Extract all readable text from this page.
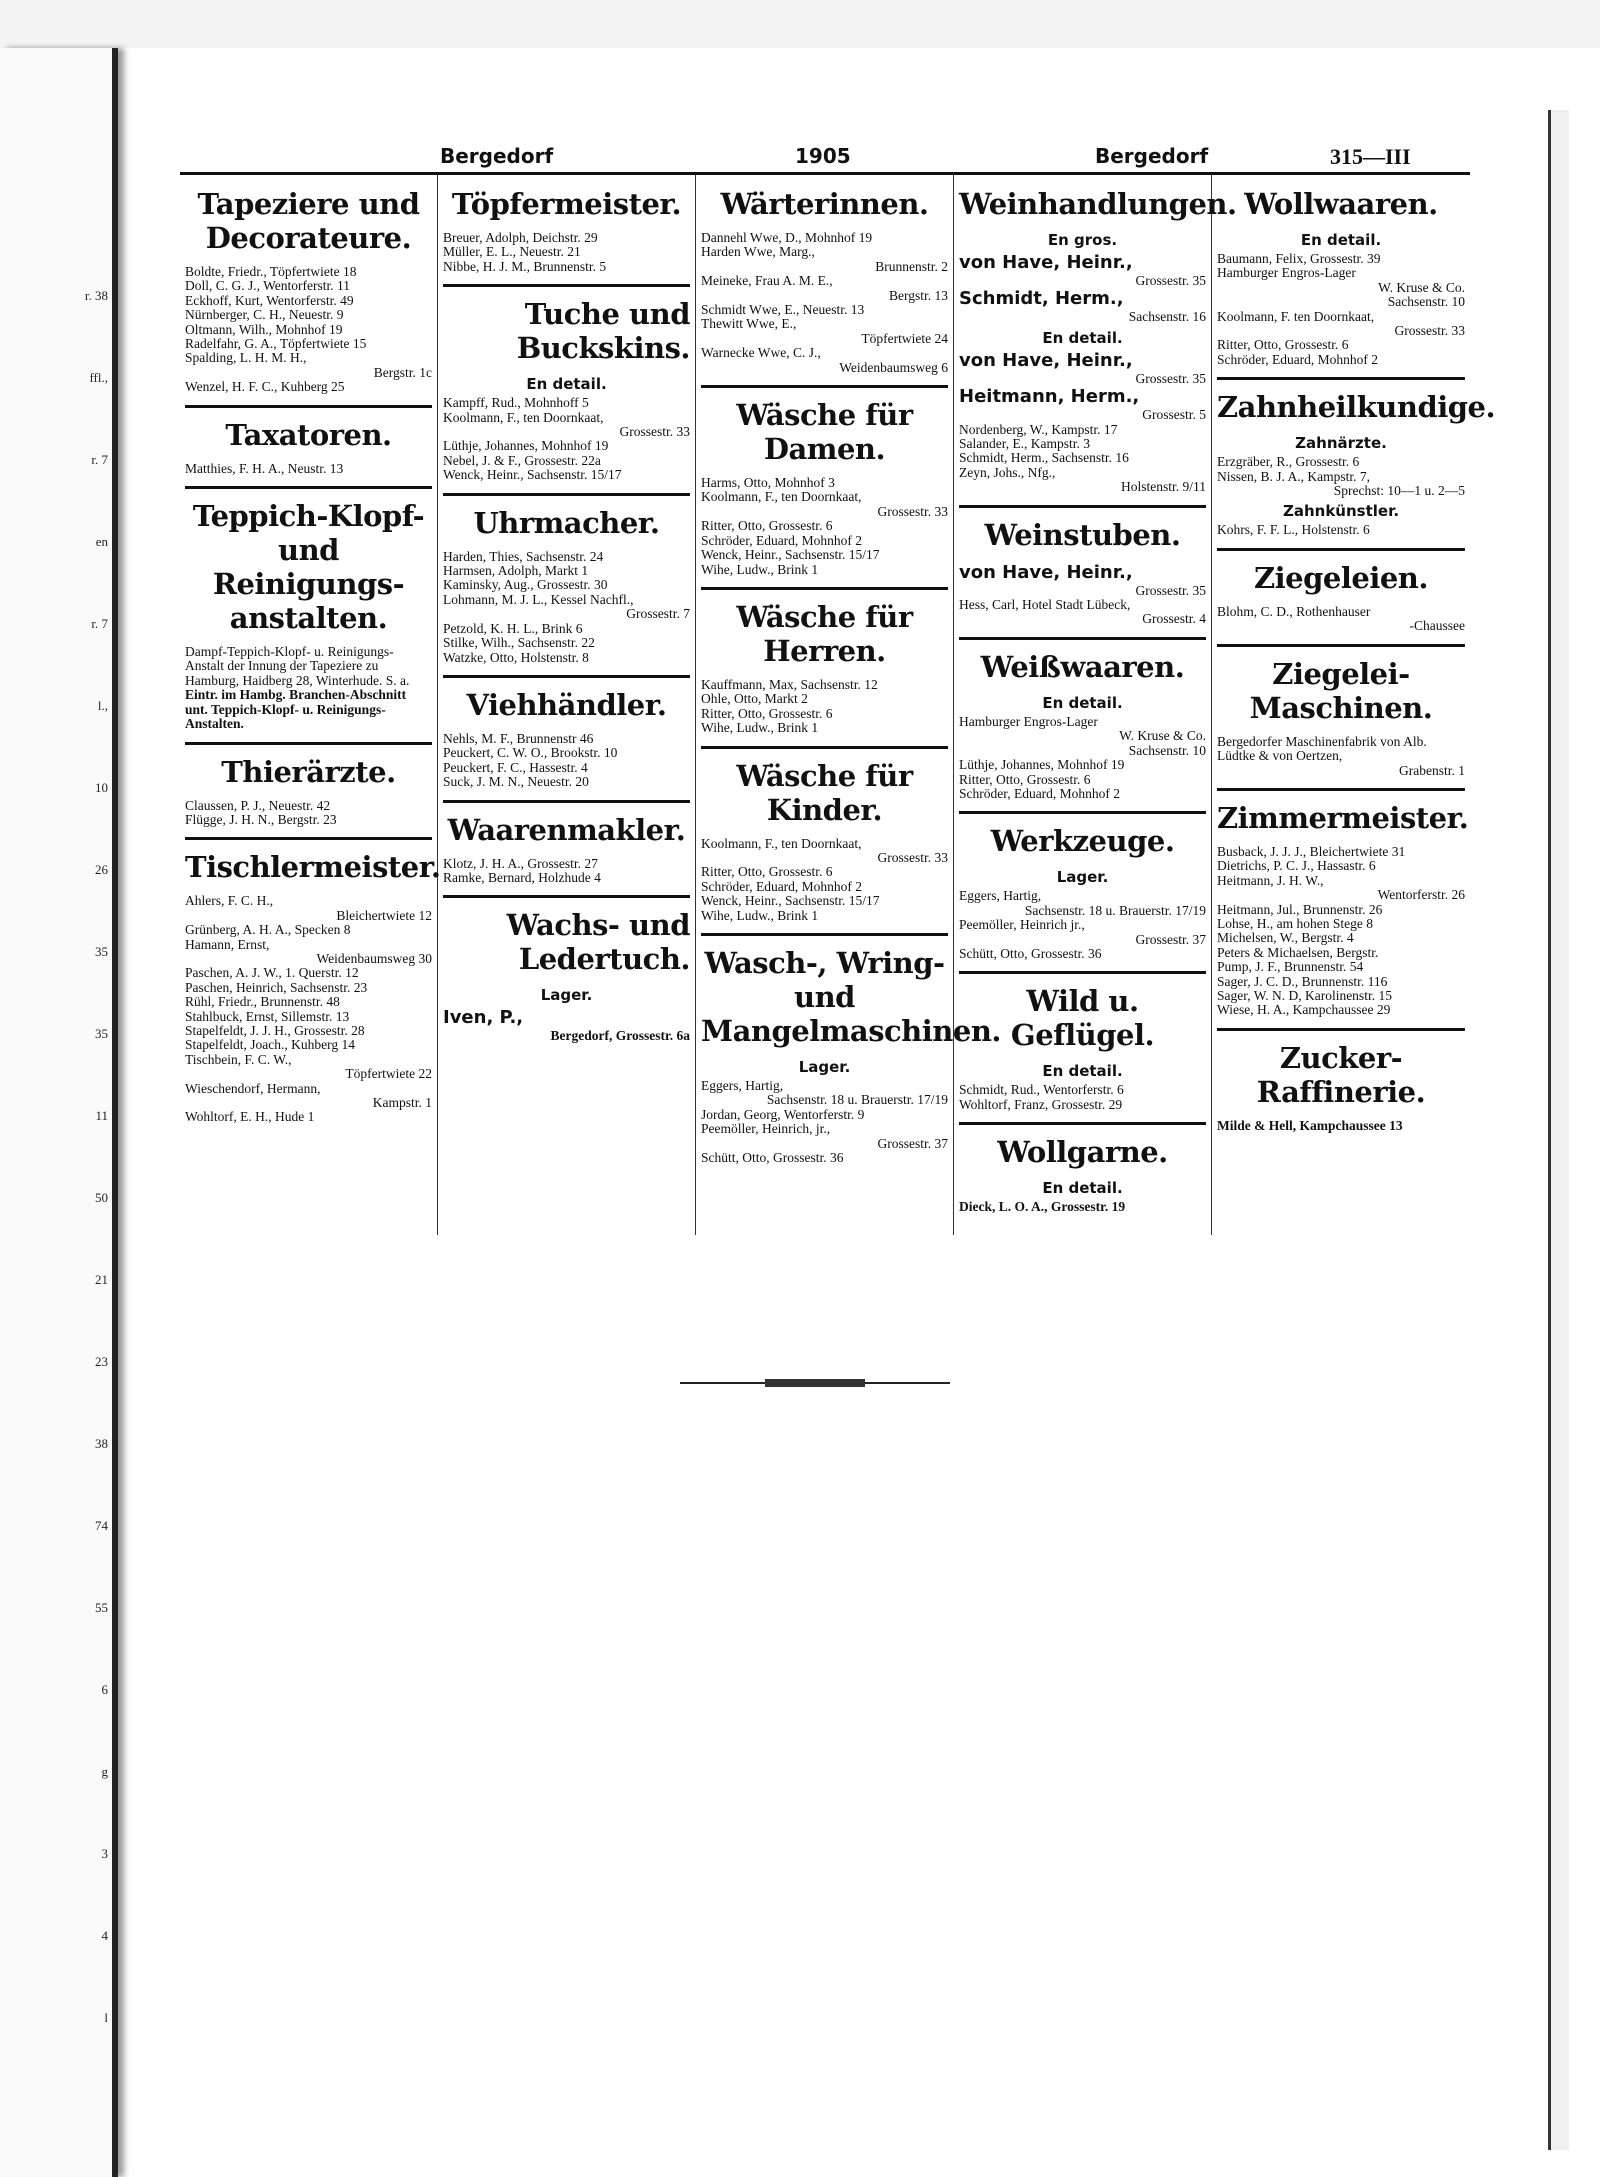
r. 38
ffl.,
r. 7
en
r. 7
l.,
10
26
35
35
11
50
21
23
38
74
55
6
g
3
4
l
Bergedorf	1905	Bergedorf	315—III
Tapeziere und Decorateure.
Boldte, Friedr., Töpfertwiete 18
Doll, C. G. J., Wentorferstr. 11
Eckhoff, Kurt, Wentorferstr. 49
Nürnberger, C. H., Neuestr. 9
Oltmann, Wilh., Mohnhof 19
Radelfahr, G. A., Töpfertwiete 15
Spalding, L. H. M. H.,
Bergstr. 1c
Wenzel, H. F. C., Kuhberg 25
Taxatoren.
Matthies, F. H. A., Neustr. 13
Teppich-Klopf- und Reinigungs-anstalten.
Dampf-Teppich-Klopf- u. Reinigungs-Anstalt der Innung der Tapeziere zu Hamburg, Haidberg 28, Winterhude. S. a.
Eintr. im Hambg. Branchen-Abschnitt unt. Teppich-Klopf- u. Reinigungs-Anstalten.
Thierärzte.
Claussen, P. J., Neuestr. 42
Flügge, J. H. N., Bergstr. 23
Tischlermeister.
Ahlers, F. C. H.,
Bleichertwiete 12
Grünberg, A. H. A., Specken 8
Hamann, Ernst,
Weidenbaumsweg 30
Paschen, A. J. W., 1. Querstr. 12
Paschen, Heinrich, Sachsenstr. 23
Rühl, Friedr., Brunnenstr. 48
Stahlbuck, Ernst, Sillemstr. 13
Stapelfeldt, J. J. H., Grossestr. 28
Stapelfeldt, Joach., Kuhberg 14
Tischbein, F. C. W.,
Töpfertwiete 22
Wieschendorf, Hermann,
Kampstr. 1
Wohltorf, E. H., Hude 1
Töpfermeister.
Breuer, Adolph, Deichstr. 29
Müller, E. L., Neuestr. 21
Nibbe, H. J. M., Brunnenstr. 5
Tuche und Buckskins.
En detail.
Kampff, Rud., Mohnhoff 5
Koolmann, F., ten Doornkaat,
Grossestr. 33
Lüthje, Johannes, Mohnhof 19
Nebel, J. & F., Grossestr. 22a
Wenck, Heinr., Sachsenstr. 15/17
Uhrmacher.
Harden, Thies, Sachsenstr. 24
Harmsen, Adolph, Markt 1
Kaminsky, Aug., Grossestr. 30
Lohmann, M. J. L., Kessel Nachfl.,
Grossestr. 7
Petzold, K. H. L., Brink 6
Stilke, Wilh., Sachsenstr. 22
Watzke, Otto, Holstenstr. 8
Viehhändler.
Nehls, M. F., Brunnenstr 46
Peuckert, C. W. O., Brookstr. 10
Peuckert, F. C., Hassestr. 4
Suck, J. M. N., Neuestr. 20
Waarenmakler.
Klotz, J. H. A., Grossestr. 27
Ramke, Bernard, Holzhude 4
Wachs- und Ledertuch.
Lager.
Iven, P.,
Bergedorf, Grossestr. 6a
Wärterinnen.
Dannehl Wwe, D., Mohnhof 19
Harden Wwe, Marg.,
Brunnenstr. 2
Meineke, Frau A. M. E.,
Bergstr. 13
Schmidt Wwe, E., Neuestr. 13
Thewitt Wwe, E.,
Töpfertwiete 24
Warnecke Wwe, C. J.,
Weidenbaumsweg 6
Wäsche für Damen.
Harms, Otto, Mohnhof 3
Koolmann, F., ten Doornkaat,
Grossestr. 33
Ritter, Otto, Grossestr. 6
Schröder, Eduard, Mohnhof 2
Wenck, Heinr., Sachsenstr. 15/17
Wihe, Ludw., Brink 1
Wäsche für Herren.
Kauffmann, Max, Sachsenstr. 12
Ohle, Otto, Markt 2
Ritter, Otto, Grossestr. 6
Wihe, Ludw., Brink 1
Wäsche für Kinder.
Koolmann, F., ten Doornkaat,
Grossestr. 33
Ritter, Otto, Grossestr. 6
Schröder, Eduard, Mohnhof 2
Wenck, Heinr., Sachsenstr. 15/17
Wihe, Ludw., Brink 1
Wasch-, Wring- und Mangelmaschinen.
Lager.
Eggers, Hartig,
Sachsenstr. 18 u. Brauerstr. 17/19
Jordan, Georg, Wentorferstr. 9
Peemöller, Heinrich, jr.,
Grossestr. 37
Schütt, Otto, Grossestr. 36
Weinhandlungen.
En gros.
von Have, Heinr.,
Grossestr. 35
Schmidt, Herm.,
Sachsenstr. 16
En detail.
von Have, Heinr.,
Grossestr. 35
Heitmann, Herm.,
Grossestr. 5
Nordenberg, W., Kampstr. 17
Salander, E., Kampstr. 3
Schmidt, Herm., Sachsenstr. 16
Zeyn, Johs., Nfg.,
Holstenstr. 9/11
Weinstuben.
von Have, Heinr.,
Grossestr. 35
Hess, Carl, Hotel Stadt Lübeck,
Grossestr. 4
Weißwaaren.
En detail.
Hamburger Engros-Lager
W. Kruse & Co.
Sachsenstr. 10
Lüthje, Johannes, Mohnhof 19
Ritter, Otto, Grossestr. 6
Schröder, Eduard, Mohnhof 2
Werkzeuge.
Lager.
Eggers, Hartig,
Sachsenstr. 18 u. Brauerstr. 17/19
Peemöller, Heinrich jr.,
Grossestr. 37
Schütt, Otto, Grossestr. 36
Wild u. Geflügel.
En detail.
Schmidt, Rud., Wentorferstr. 6
Wohltorf, Franz, Grossestr. 29
Wollgarne.
En detail.
Dieck, L. O. A., Grossestr. 19
Wollwaaren.
En detail.
Baumann, Felix, Grossestr. 39
Hamburger Engros-Lager
W. Kruse & Co.
Sachsenstr. 10
Koolmann, F. ten Doornkaat,
Grossestr. 33
Ritter, Otto, Grossestr. 6
Schröder, Eduard, Mohnhof 2
Zahnheilkundige.
Zahnärzte.
Erzgräber, R., Grossestr. 6
Nissen, B. J. A., Kampstr. 7,
Sprechst: 10—1 u. 2—5
Zahnkünstler.
Kohrs, F. F. L., Holstenstr. 6
Ziegeleien.
Blohm, C. D., Rothenhauser
-Chaussee
Ziegelei-Maschinen.
Bergedorfer Maschinenfabrik von Alb. Lüdtke & von Oertzen,
Grabenstr. 1
Zimmermeister.
Busback, J. J. J., Bleichertwiete 31
Dietrichs, P. C. J., Hassastr. 6
Heitmann, J. H. W.,
Wentorferstr. 26
Heitmann, Jul., Brunnenstr. 26
Lohse, H., am hohen Stege 8
Michelsen, W., Bergstr. 4
Peters & Michaelsen, Bergstr.
Pump, J. F., Brunnenstr. 54
Sager, J. C. D., Brunnenstr. 116
Sager, W. N. D, Karolinenstr. 15
Wiese, H. A., Kampchaussee 29
Zucker-Raffinerie.
Milde & Hell, Kampchaussee 13
